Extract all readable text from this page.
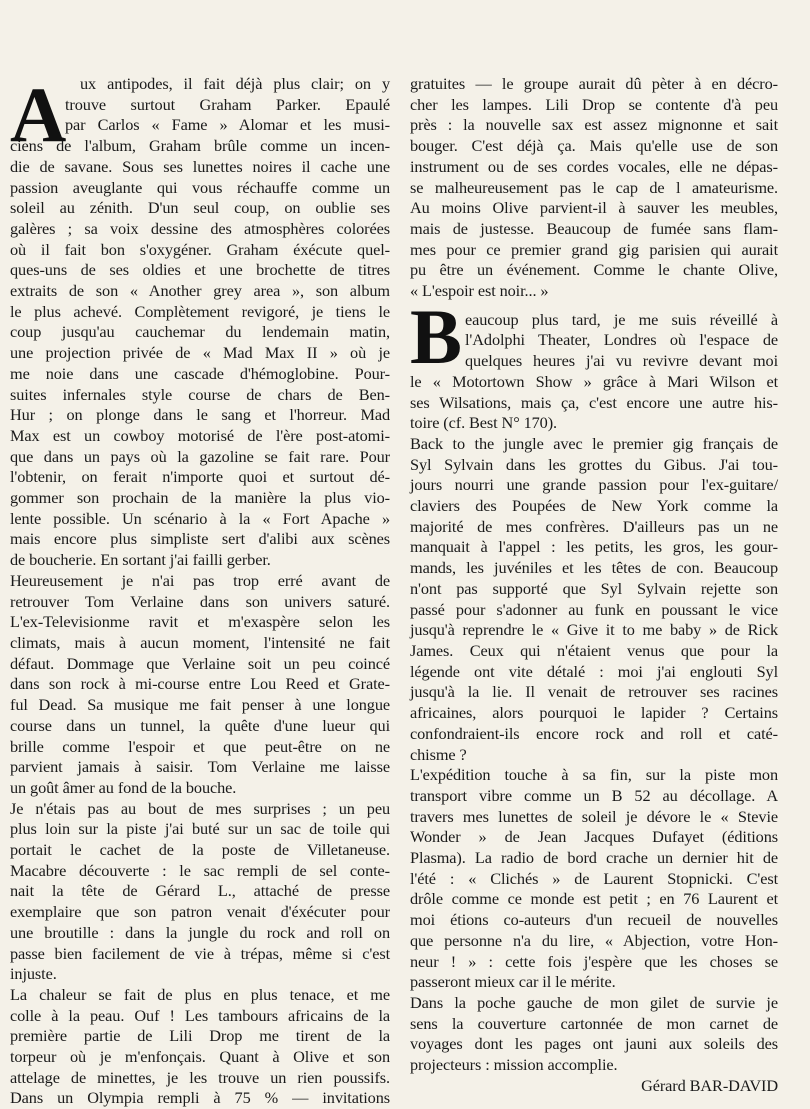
A ux antipodes, il fait déjà plus clair; on y
trouve surtout Graham Parker. Epaulé
par Carlos « Fame » Alomar et les musi-
ciens de l'album, Graham brûle comme un incen-
die de savane. Sous ses lunettes noires il cache une
passion aveuglante qui vous réchauffe comme un
soleil au zénith. D'un seul coup, on oublie ses
galères ; sa voix dessine des atmosphères colorées
où il fait bon s'oxygéner. Graham éxécute quel-
ques-uns de ses oldies et une brochette de titres
extraits de son « Another grey area », son album
le plus achevé. Complètement revigoré, je tiens le
coup jusqu'au cauchemar du lendemain matin,
une projection privée de « Mad Max II » où je
me noie dans une cascade d'hémoglobine. Pour-
suites infernales style course de chars de Ben-
Hur ; on plonge dans le sang et l'horreur. Mad
Max est un cowboy motorisé de l'ère post-atomi-
que dans un pays où la gazoline se fait rare. Pour
l'obtenir, on ferait n'importe quoi et surtout dé-
gommer son prochain de la manière la plus vio-
lente possible. Un scénario à la « Fort Apache »
mais encore plus simpliste sert d'alibi aux scènes
de boucherie. En sortant j'ai failli gerber.
Heureusement je n'ai pas trop erré avant de
retrouver Tom Verlaine dans son univers saturé.
L'ex-Televisionme ravit et m'exaspère selon les
climats, mais à aucun moment, l'intensité ne fait
défaut. Dommage que Verlaine soit un peu coincé
dans son rock à mi-course entre Lou Reed et Grate-
ful Dead. Sa musique me fait penser à une longue
course dans un tunnel, la quête d'une lueur qui
brille comme l'espoir et que peut-être on ne
parvient jamais à saisir. Tom Verlaine me laisse
un goût âmer au fond de la bouche.
Je n'étais pas au bout de mes surprises ; un peu
plus loin sur la piste j'ai buté sur un sac de toile qui
portait le cachet de la poste de Villetaneuse.
Macabre découverte : le sac rempli de sel conte-
nait la tête de Gérard L., attaché de presse
exemplaire que son patron venait d'éxécuter pour
une broutille : dans la jungle du rock and roll on
passe bien facilement de vie à trépas, même si c'est
injuste.
La chaleur se fait de plus en plus tenace, et me
colle à la peau. Ouf ! Les tambours africains de la
première partie de Lili Drop me tirent de la
torpeur où je m'enfonçais. Quant à Olive et son
attelage de minettes, je les trouve un rien poussifs.
Dans un Olympia rempli à 75 % — invitations
gratuites — le groupe aurait dû pèter à en décro-
cher les lampes. Lili Drop se contente d'à peu
près : la nouvelle sax est assez mignonne et sait
bouger. C'est déjà ça. Mais qu'elle use de son
instrument ou de ses cordes vocales, elle ne dépas-
se malheureusement pas le cap de l amateurisme.
Au moins Olive parvient-il à sauver les meubles,
mais de justesse. Beaucoup de fumée sans flam-
mes pour ce premier grand gig parisien qui aurait
pu être un événement. Comme le chante Olive,
« L'espoir est noir... »
B eaucoup plus tard, je me suis réveillé à
l'Adolphi Theater, Londres où l'espace de
quelques heures j'ai vu revivre devant moi
le « Motortown Show » grâce à Mari Wilson et
ses Wilsations, mais ça, c'est encore une autre his-
toire (cf. Best N° 170).
Back to the jungle avec le premier gig français de
Syl Sylvain dans les grottes du Gibus. J'ai tou-
jours nourri une grande passion pour l'ex-guitare/
claviers des Poupées de New York comme la
majorité de mes confrères. D'ailleurs pas un ne
manquait à l'appel : les petits, les gros, les gour-
mands, les juvéniles et les têtes de con. Beaucoup
n'ont pas supporté que Syl Sylvain rejette son
passé pour s'adonner au funk en poussant le vice
jusqu'à reprendre le « Give it to me baby » de Rick
James. Ceux qui n'étaient venus que pour la
légende ont vite détalé : moi j'ai englouti Syl
jusqu'à la lie. Il venait de retrouver ses racines
africaines, alors pourquoi le lapider ? Certains
confondraient-ils encore rock and roll et caté-
chisme ?
L'expédition touche à sa fin, sur la piste mon
transport vibre comme un B 52 au décollage. A
travers mes lunettes de soleil je dévore le « Stevie
Wonder » de Jean Jacques Dufayet (éditions
Plasma). La radio de bord crache un dernier hit de
l'été : « Clichés » de Laurent Stopnicki. C'est
drôle comme ce monde est petit ; en 76 Laurent et
moi étions co-auteurs d'un recueil de nouvelles
que personne n'a du lire, « Abjection, votre Hon-
neur ! » : cette fois j'espère que les choses se
passeront mieux car il le mérite.
Dans la poche gauche de mon gilet de survie je
sens la couverture cartonnée de mon carnet de
voyages dont les pages ont jauni aux soleils des
projecteurs : mission accomplie.
Gérard BAR-DAVID
